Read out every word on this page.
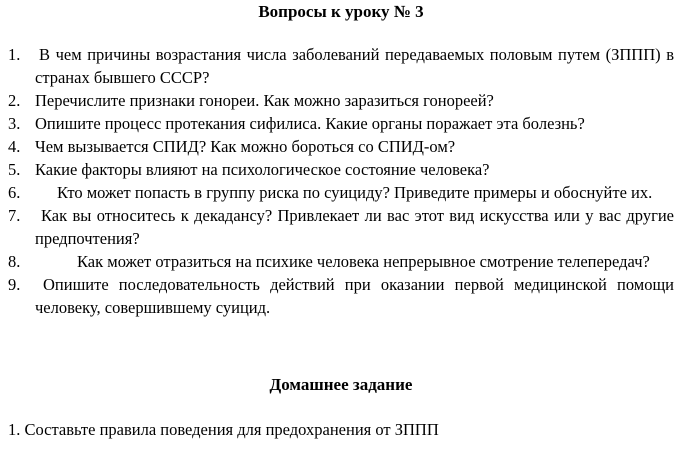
Вопросы к уроку № 3
1. В чем причины возрастания числа заболеваний передаваемых половым путем (ЗППП) в странах бывшего СССР?
2. Перечислите признаки гонореи. Как можно заразиться гонореей?
3. Опишите процесс протекания сифилиса. Какие органы поражает эта болезнь?
4. Чем вызывается СПИД? Как можно бороться со СПИД-ом?
5. Какие факторы влияют на психологическое состояние человека?
6.	Кто может попасть в группу риска по суициду? Приведите примеры и обоснуйте их.
7.	Как вы относитесь к декадансу? Привлекает ли вас этот вид искусства или у вас другие предпочтения?
8.	Как может отразиться на психике человека непрерывное смотрение телепередач?
9.	Опишите последовательность действий при оказании первой медицинской помощи человеку, совершившему суицид.
Домашнее задание

1. Составьте правила поведения для предохранения от ЗППП
